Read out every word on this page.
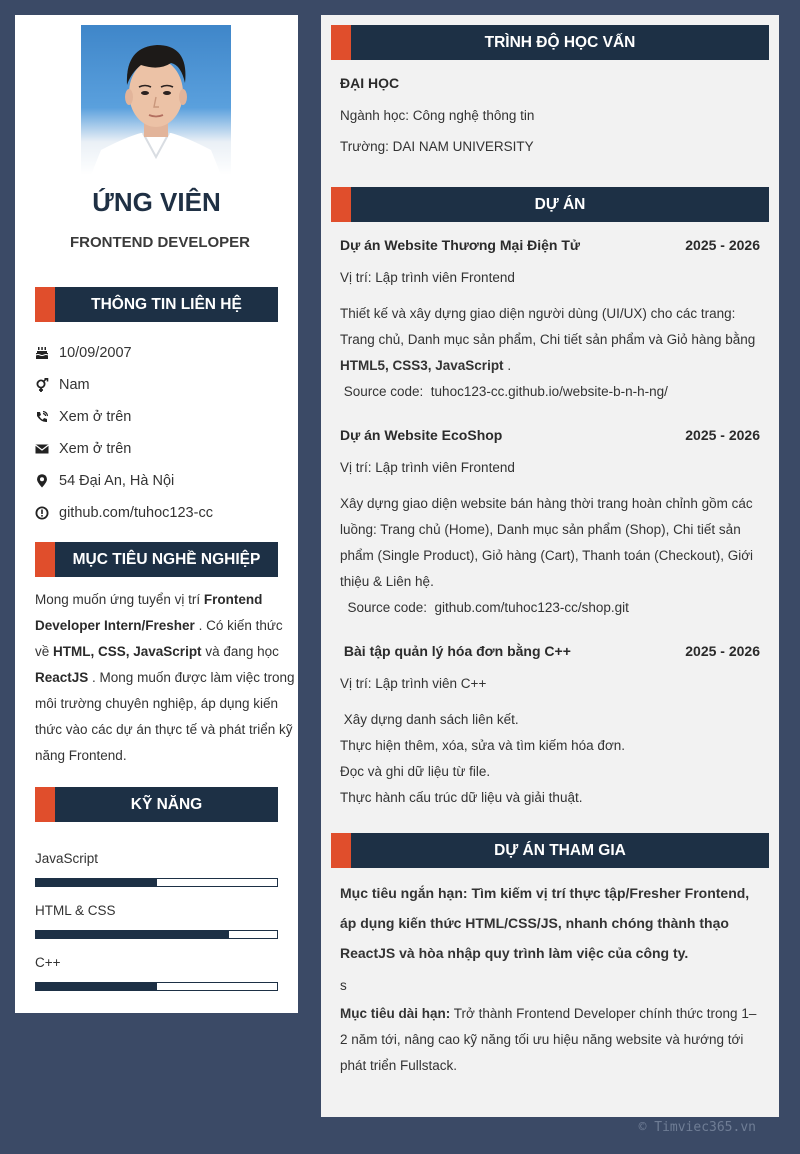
ỨNG VIÊN
FRONTEND DEVELOPER
THÔNG TIN LIÊN HỆ
10/09/2007
Nam
Xem ở trên
Xem ở trên
54 Đại An, Hà Nội
github.com/tuhoc123-cc
MỤC TIÊU NGHỀ NGHIỆP
Mong muốn ứng tuyển vị trí Frontend Developer Intern/Fresher . Có kiến thức về HTML, CSS, JavaScript và đang học ReactJS . Mong muốn được làm việc trong môi trường chuyên nghiệp, áp dụng kiến thức vào các dự án thực tế và phát triển kỹ năng Frontend.
KỸ NĂNG
JavaScript
HTML & CSS
C++
TRÌNH ĐỘ HỌC VẤN
ĐẠI HỌC
Ngành học: Công nghệ thông tin
Trường: DAI NAM UNIVERSITY
DỰ ÁN
Dự án Website Thương Mại Điện Tử	2025 - 2026
Vị trí: Lập trình viên Frontend
Thiết kế và xây dựng giao diện người dùng (UI/UX) cho các trang: Trang chủ, Danh mục sản phẩm, Chi tiết sản phẩm và Giỏ hàng bằng HTML5, CSS3, JavaScript .
Source code:  tuhoc123-cc.github.io/website-b-n-h-ng/
Dự án Website EcoShop	2025 - 2026
Vị trí: Lập trình viên Frontend
Xây dựng giao diện website bán hàng thời trang hoàn chỉnh gồm các luồng: Trang chủ (Home), Danh mục sản phẩm (Shop), Chi tiết sản phẩm (Single Product), Giỏ hàng (Cart), Thanh toán (Checkout), Giới thiệu & Liên hệ.
Source code:  github.com/tuhoc123-cc/shop.git
Bài tập quản lý hóa đơn bằng C++	2025 - 2026
Vị trí: Lập trình viên C++
Xây dựng danh sách liên kết.
Thực hiện thêm, xóa, sửa và tìm kiếm hóa đơn.
Đọc và ghi dữ liệu từ file.
Thực hành cấu trúc dữ liệu và giải thuật.
DỰ ÁN THAM GIA
Mục tiêu ngắn hạn: Tìm kiếm vị trí thực tập/Fresher Frontend, áp dụng kiến thức HTML/CSS/JS, nhanh chóng thành thạo ReactJS và hòa nhập quy trình làm việc của công ty.
s
Mục tiêu dài hạn: Trở thành Frontend Developer chính thức trong 1–2 năm tới, nâng cao kỹ năng tối ưu hiệu năng website và hướng tới phát triển Fullstack.
© Timviec365.vn
